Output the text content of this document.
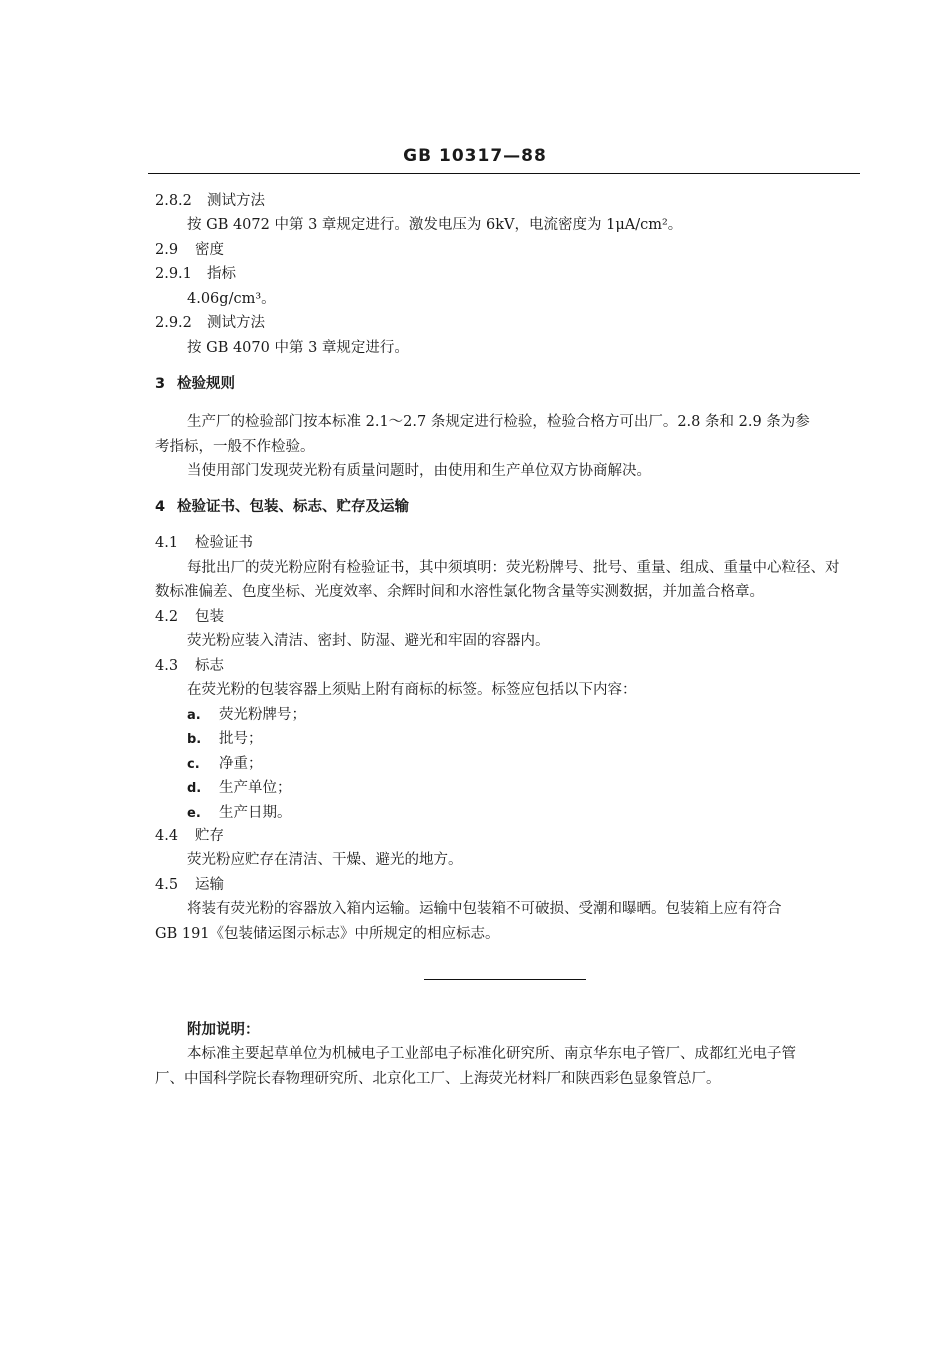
GB 10317—88
2.8.2 测试方法
按 GB 4072 中第 3 章规定进行。激发电压为 6kV，电流密度为 1μA/cm²。
2.9 密度
2.9.1 指标
4.06g/cm³。
2.9.2 测试方法
按 GB 4070 中第 3 章规定进行。
3 检验规则
生产厂的检验部门按本标准 2.1～2.7 条规定进行检验，检验合格方可出厂。2.8 条和 2.9 条为参
考指标，一般不作检验。
当使用部门发现荧光粉有质量问题时，由使用和生产单位双方协商解决。
4 检验证书、包装、标志、贮存及运输
4.1 检验证书
每批出厂的荧光粉应附有检验证书，其中须填明：荧光粉牌号、批号、重量、组成、重量中心粒径、对
数标准偏差、色度坐标、光度效率、余辉时间和水溶性氯化物含量等实测数据，并加盖合格章。
4.2 包装
荧光粉应装入清洁、密封、防湿、避光和牢固的容器内。
4.3 标志
在荧光粉的包装容器上须贴上附有商标的标签。标签应包括以下内容：
a. 荧光粉牌号；
b. 批号；
c. 净重；
d. 生产单位；
e. 生产日期。
4.4 贮存
荧光粉应贮存在清洁、干燥、避光的地方。
4.5 运输
将装有荧光粉的容器放入箱内运输。运输中包装箱不可破损、受潮和曝晒。包装箱上应有符合
GB 191《包装储运图示标志》中所规定的相应标志。
附加说明：
本标准主要起草单位为机械电子工业部电子标准化研究所、南京华东电子管厂、成都红光电子管
厂、中国科学院长春物理研究所、北京化工厂、上海荧光材料厂和陕西彩色显象管总厂。
